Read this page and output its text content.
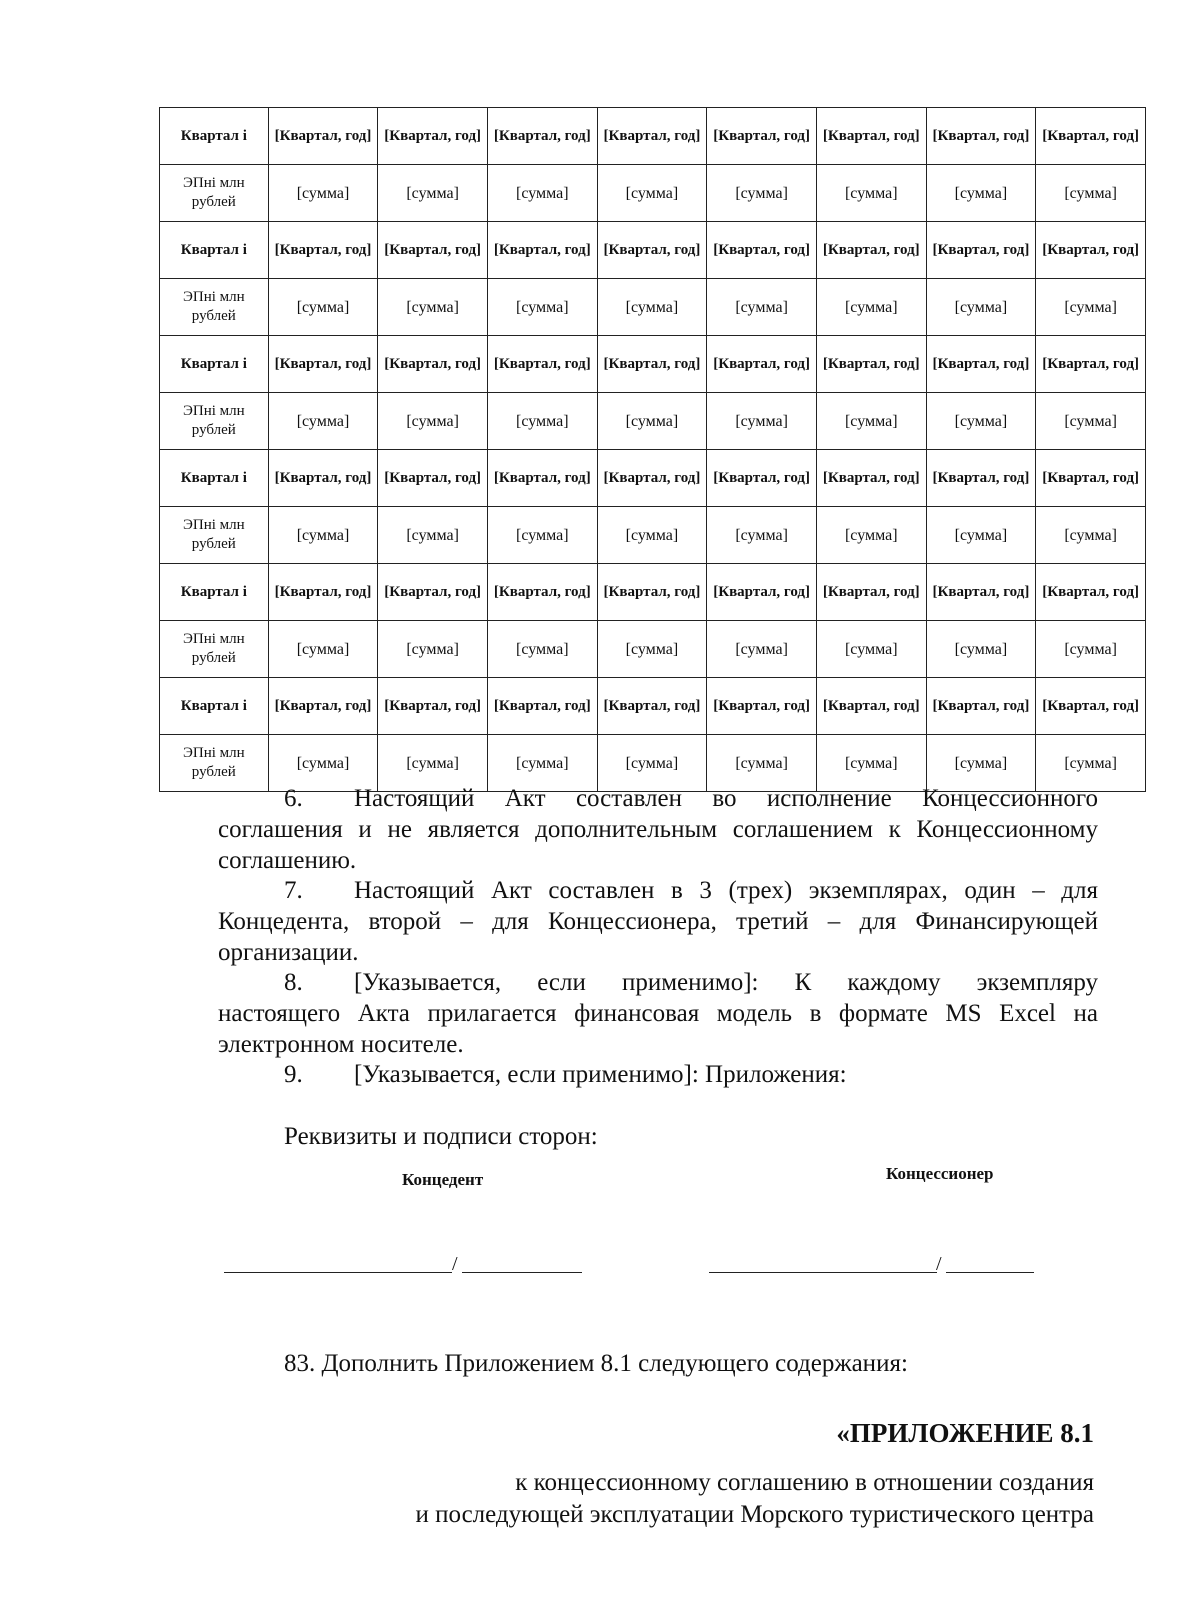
Квартал i	[Квартал, год]	[Квартал, год]	[Квартал, год]	[Квартал, год]	[Квартал, год]	[Квартал, год]	[Квартал, год]	[Квартал, год]
ЭПнi млн рублей	[сумма]	[сумма]	[сумма]	[сумма]	[сумма]	[сумма]	[сумма]	[сумма]
Квартал i	[Квартал, год]	[Квартал, год]	[Квартал, год]	[Квартал, год]	[Квартал, год]	[Квартал, год]	[Квартал, год]	[Квартал, год]
ЭПнi млн рублей	[сумма]	[сумма]	[сумма]	[сумма]	[сумма]	[сумма]	[сумма]	[сумма]
Квартал i	[Квартал, год]	[Квартал, год]	[Квартал, год]	[Квартал, год]	[Квартал, год]	[Квартал, год]	[Квартал, год]	[Квартал, год]
ЭПнi млн рублей	[сумма]	[сумма]	[сумма]	[сумма]	[сумма]	[сумма]	[сумма]	[сумма]
Квартал i	[Квартал, год]	[Квартал, год]	[Квартал, год]	[Квартал, год]	[Квартал, год]	[Квартал, год]	[Квартал, год]	[Квартал, год]
ЭПнi млн рублей	[сумма]	[сумма]	[сумма]	[сумма]	[сумма]	[сумма]	[сумма]	[сумма]
Квартал i	[Квартал, год]	[Квартал, год]	[Квартал, год]	[Квартал, год]	[Квартал, год]	[Квартал, год]	[Квартал, год]	[Квартал, год]
ЭПнi млн рублей	[сумма]	[сумма]	[сумма]	[сумма]	[сумма]	[сумма]	[сумма]	[сумма]
Квартал i	[Квартал, год]	[Квартал, год]	[Квартал, год]	[Квартал, год]	[Квартал, год]	[Квартал, год]	[Квартал, год]	[Квартал, год]
ЭПнi млн рублей	[сумма]	[сумма]	[сумма]	[сумма]	[сумма]	[сумма]	[сумма]	[сумма]
6. Настоящий Акт составлен во исполнение Концессионного
соглашения и не является дополнительным соглашением к Концессионному соглашению.
7. Настоящий Акт составлен в 3 (трех) экземплярах, один – для
Концедента, второй – для Концессионера, третий – для Финансирующей организации.
8. [Указывается, если применимо]: К каждому экземпляру
настоящего Акта прилагается финансовая модель в формате MS Excel на электронном носителе.
9. [Указывается, если применимо]: Приложения:
Реквизиты и подписи сторон:
Концедент	Концессионер
/	/
83. Дополнить Приложением 8.1 следующего содержания:
«ПРИЛОЖЕНИЕ 8.1
к концессионному соглашению в отношении создания
и последующей эксплуатации Морского туристического центра
